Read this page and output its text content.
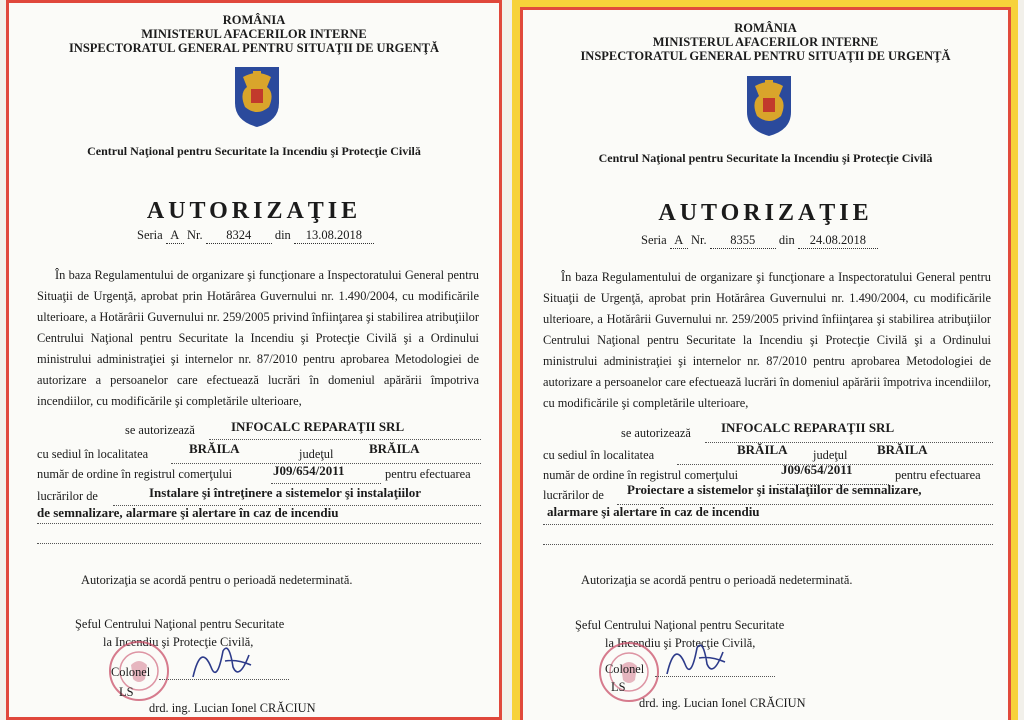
ROMÂNIA
MINISTERUL AFACERILOR INTERNE
INSPECTORATUL GENERAL PENTRU SITUAŢII DE URGENŢĂ
Centrul Naţional pentru Securitate la Incendiu şi Protecţie Civilă
AUTORIZAŢIE
Seria A Nr. 8324 din 13.08.2018

În baza Regulamentului de organizare şi funcţionare a Inspectoratului General pentru Situaţii de Urgenţă, aprobat prin Hotărârea Guvernului nr. 1.490/2004, cu modificările ulterioare, a Hotărârii Guvernului nr. 259/2005 privind înfiinţarea şi stabilirea atribuţiilor Centrului Naţional pentru Securitate la Incendiu şi Protecţie Civilă şi a Ordinului ministrului administraţiei şi internelor nr. 87/2010 pentru aprobarea Metodologiei de autorizare a persoanelor care efectuează lucrări în domeniul apărării împotriva incendiilor, cu modificările şi completările ulterioare,

se autorizează	INFOCALC REPARAŢII SRL
cu sediul în localitatea	BRĂILA	judeţul	BRĂILA
număr de ordine în registrul comerţului	J09/654/2011	pentru efectuarea
lucrărilor de	Instalare şi întreţinere a sistemelor şi instalaţiilor
de semnalizare, alarmare şi alertare în caz de incendiu
Autorizaţia se acordă pentru o perioadă nedeterminată.
Şeful Centrului Naţional pentru Securitate
la Incendiu şi Protecţie Civilă,
Colonel
LS
drd. ing. Lucian Ionel CRĂCIUN
ROMÂNIA
MINISTERUL AFACERILOR INTERNE
INSPECTORATUL GENERAL PENTRU SITUAŢII DE URGENŢĂ
Centrul Naţional pentru Securitate la Incendiu şi Protecţie Civilă
AUTORIZAŢIE
Seria A Nr. 8355 din 24.08.2018

În baza Regulamentului de organizare şi funcţionare a Inspectoratului General pentru Situaţii de Urgenţă, aprobat prin Hotărârea Guvernului nr. 1.490/2004, cu modificările ulterioare, a Hotărârii Guvernului nr. 259/2005 privind înfiinţarea şi stabilirea atribuţiilor Centrului Naţional pentru Securitate la Incendiu şi Protecţie Civilă şi a Ordinului ministrului administraţiei şi internelor nr. 87/2010 pentru aprobarea Metodologiei de autorizare a persoanelor care efectuează lucrări în domeniul apărării împotriva incendiilor, cu modificările şi completările ulterioare,

se autorizează INFOCALC REPARAŢII SRL
cu sediul în localitatea	BRĂILA judeţul BRĂILA
număr de ordine în registrul comerţului	J09/654/2011	pentru efectuarea
lucrărilor de Proiectare a sistemelor şi instalaţiilor de semnalizare,
alarmare şi alertare în caz de incendiu
Autorizaţia se acordă pentru o perioadă nedeterminată.
Şeful Centrului Naţional pentru Securitate
la Incendiu şi Protecţie Civilă,
Colonel
LS
drd. ing. Lucian Ionel CRĂCIUN
